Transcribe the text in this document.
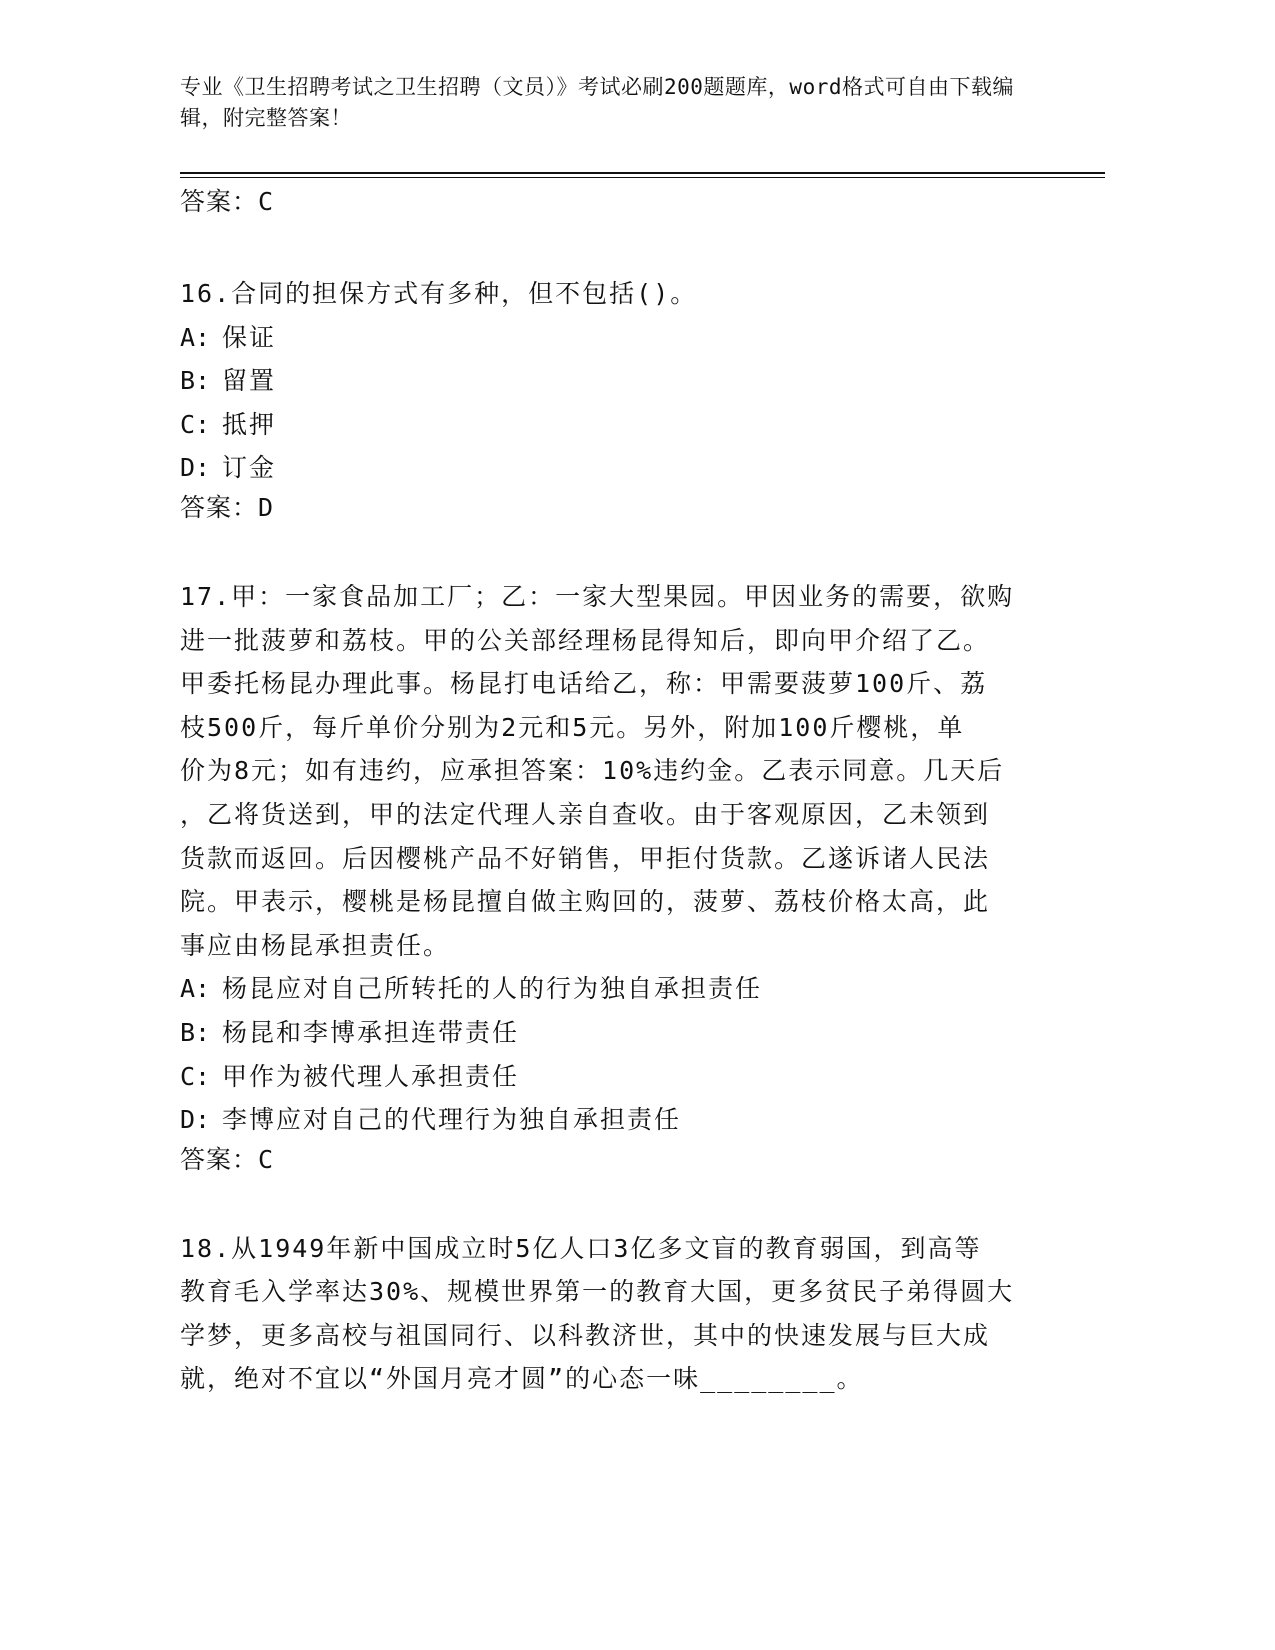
专业《卫生招聘考试之卫生招聘（文员）》考试必刷200题题库，word格式可自由下载编辑，附完整答案！

答案：C

16.合同的担保方式有多种，但不包括()。

A: 保证

B: 留置

C: 抵押

D: 订金

答案：D

17.甲：一家食品加工厂；乙：一家大型果园。甲因业务的需要，欲购

进一批菠萝和荔枝。甲的公关部经理杨昆得知后，即向甲介绍了乙。

甲委托杨昆办理此事。杨昆打电话给乙，称：甲需要菠萝100斤、荔

枝500斤，每斤单价分别为2元和5元。另外，附加100斤樱桃，单

价为8元；如有违约，应承担答案：10%违约金。乙表示同意。几天后

，乙将货送到，甲的法定代理人亲自查收。由于客观原因，乙未领到

货款而返回。后因樱桃产品不好销售，甲拒付货款。乙遂诉诸人民法

院。甲表示，樱桃是杨昆擅自做主购回的，菠萝、荔枝价格太高，此

事应由杨昆承担责任。

A: 杨昆应对自己所转托的人的行为独自承担责任

B: 杨昆和李博承担连带责任

C: 甲作为被代理人承担责任

D: 李博应对自己的代理行为独自承担责任

答案：C

18.从1949年新中国成立时5亿人口3亿多文盲的教育弱国，到高等

教育毛入学率达30%、规模世界第一的教育大国，更多贫民子弟得圆大

学梦，更多高校与祖国同行、以科教济世，其中的快速发展与巨大成

就，绝对不宜以“外国月亮才圆”的心态一味________。
